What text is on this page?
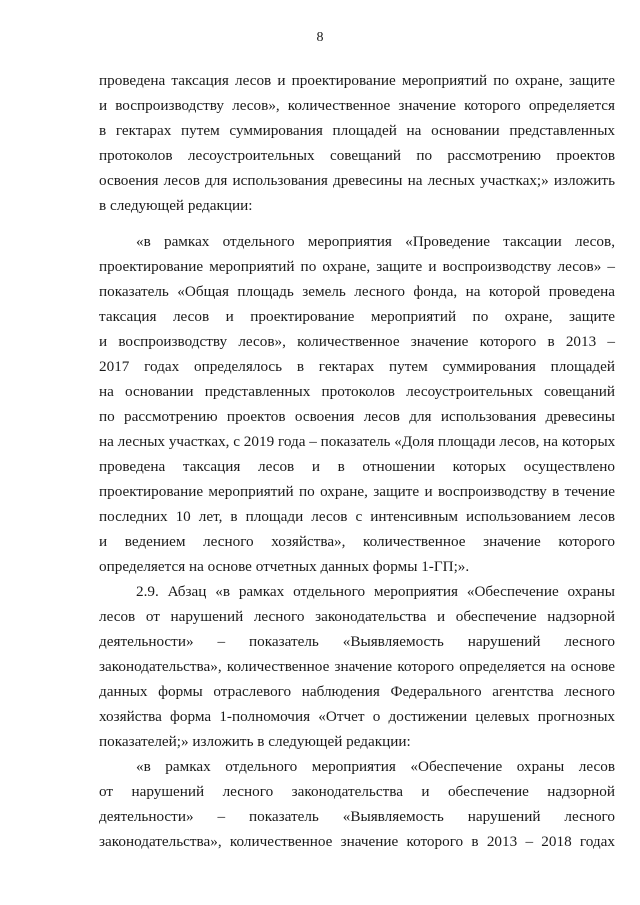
8
проведена таксация лесов и проектирование мероприятий по охране, защите
и воспроизводству лесов», количественное значение которого определяется
в гектарах путем суммирования площадей на основании представленных
протоколов лесоустроительных совещаний по рассмотрению проектов
освоения лесов для использования древесины на лесных участках;» изложить
в следующей редакции:
«в рамках отдельного мероприятия «Проведение таксации лесов,
проектирование мероприятий по охране, защите и воспроизводству лесов» –
показатель «Общая площадь земель лесного фонда, на которой проведена
таксация лесов и проектирование мероприятий по охране, защите
и воспроизводству лесов», количественное значение которого в 2013 –
2017 годах определялось в гектарах путем суммирования площадей
на основании представленных протоколов лесоустроительных совещаний
по рассмотрению проектов освоения лесов для использования древесины
на лесных участках, с 2019 года – показатель «Доля площади лесов, на которых
проведена таксация лесов и в отношении которых осуществлено
проектирование мероприятий по охране, защите и воспроизводству в течение
последних 10 лет, в площади лесов с интенсивным использованием лесов
и ведением лесного хозяйства», количественное значение которого
определяется на основе отчетных данных формы 1-ГП;».
2.9. Абзац «в рамках отдельного мероприятия «Обеспечение охраны
лесов от нарушений лесного законодательства и обеспечение надзорной
деятельности» – показатель «Выявляемость нарушений лесного
законодательства», количественное значение которого определяется на основе
данных формы отраслевого наблюдения Федерального агентства лесного
хозяйства форма 1-полномочия «Отчет о достижении целевых прогнозных
показателей;» изложить в следующей редакции:
«в рамках отдельного мероприятия «Обеспечение охраны лесов
от нарушений лесного законодательства и обеспечение надзорной
деятельности» – показатель «Выявляемость нарушений лесного
законодательства», количественное значение которого в 2013 – 2018 годах
